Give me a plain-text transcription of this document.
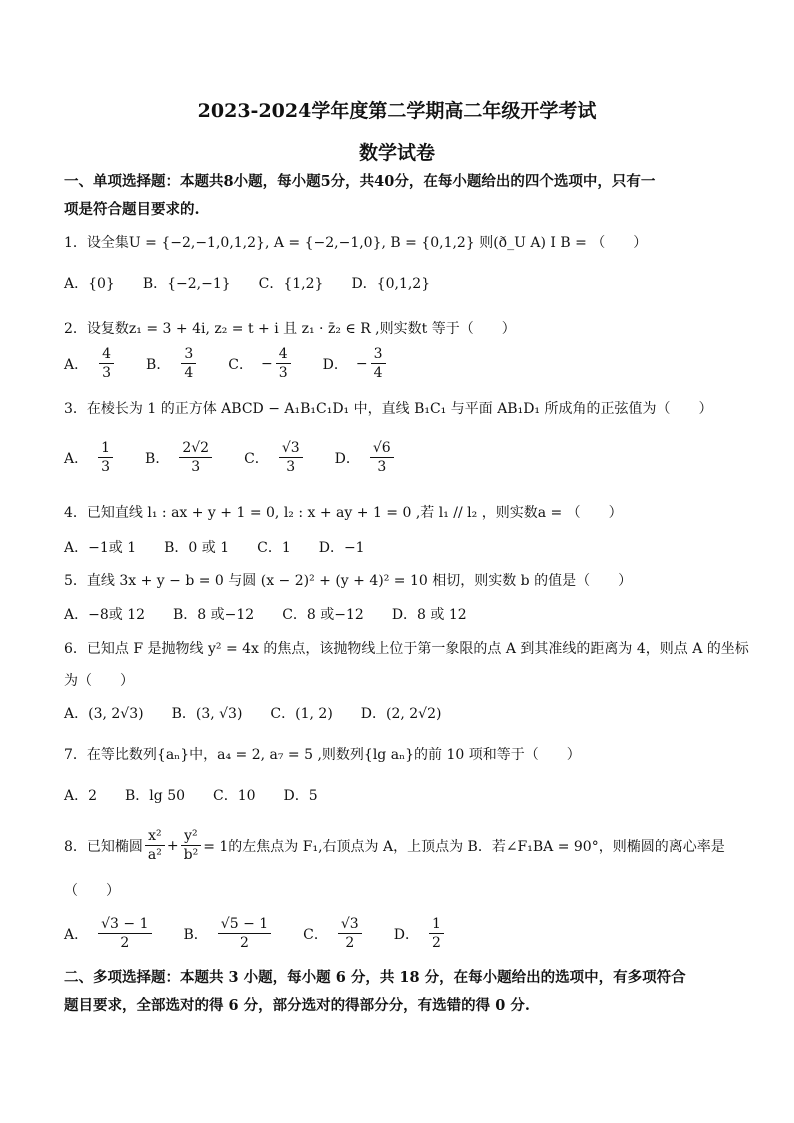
2023-2024学年度第二学期高二年级开学考试
数学试卷
一、单项选择题：本题共8小题，每小题5分，共40分，在每小题给出的四个选项中，只有一
项是符合题目要求的.
1．设全集U = {−2,−1,0,1,2}, A = {−2,−1,0}, B = {0,1,2} 则(ð_U A) I B = （　　）
A．{0}　　B．{−2,−1}　　C．{1,2}　　D．{0,1,2}
2．设复数z₁ = 3 + 4i, z₂ = t + i 且 z₁ · z̄₂ ∈ R ,则实数t 等于（　　）
A． $\frac{4}{3}$ B． $\frac{3}{4}$ C． − $\frac{4}{3}$ D． − $\frac{3}{4}$
3．在棱长为 1 的正方体 ABCD − A₁B₁C₁D₁ 中，直线 B₁C₁ 与平面 AB₁D₁ 所成角的正弦值为（　　）
A． $\frac{1}{3}$ B． $\frac{2√2}{3}$ C． $\frac{√3}{3}$ D． $\frac{√6}{3}$
4．已知直线 l₁ : ax + y + 1 = 0, l₂ : x + ay + 1 = 0 ,若 l₁ // l₂ ，则实数a = （　　）
A．−1或 1　　B．0 或 1　　C．1　　D．−1
5．直线 3x + y − b = 0 与圆 (x − 2)² + (y + 4)² = 10 相切，则实数 b 的值是（　　）
A．−8或 12　　B．8 或−12　　C．8 或−12　　D．8 或 12
6．已知点 F 是抛物线 y² = 4x 的焦点，该抛物线上位于第一象限的点 A 到其准线的距离为 4，则点 A 的坐标
为（　　）
A．(3, 2√3)　　B．(3, √3)　　C．(1, 2)　　D．(2, 2√2)
7．在等比数列{aₙ}中，a₄ = 2, a₇ = 5 ,则数列{lg aₙ}的前 10 项和等于（　　）
A．2　　B．lg 50　　C．10　　D．5
8．已知椭圆 $\frac{\text{x²}}{\text{a²}} + \frac{\text{y²}}{\text{b²}} = 1$的左焦点为 F₁,右顶点为 A，上顶点为 B．若∠F₁BA = 90°，则椭圆的离心率是
（　　）
A． $\frac{√3 - 1}{2}$ B． $\frac{√5 - 1}{2}$ C． $\frac{√3}{2}$ D． $\frac{1}{2}$
二、多项选择题：本题共 3 小题，每小题 6 分，共 18 分，在每小题给出的选项中，有多项符合
题目要求，全部选对的得 6 分，部分选对的得部分分，有选错的得 0 分.
